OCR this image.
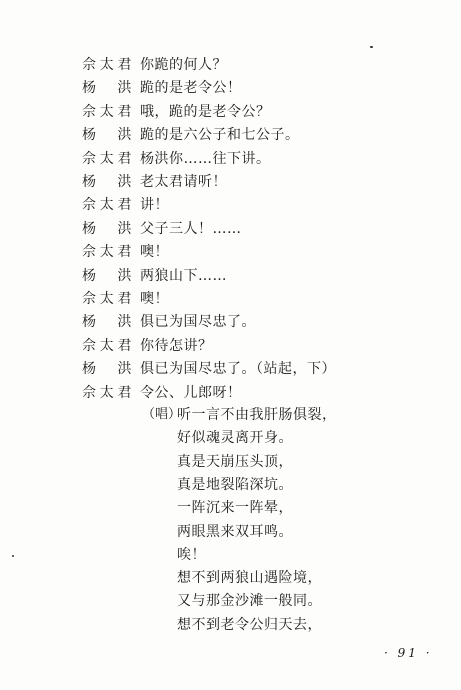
佘 太 君 你跪的何人？
杨 洪 跪的是老令公！
佘 太 君 哦，跪的是老令公？
杨 洪 跪的是六公子和七公子。
佘 太 君 杨洪你……往下讲。
杨 洪 老太君请听！
佘 太 君 讲！
杨 洪 父子三人！……
佘 太 君 噢！
杨 洪 两狼山下……
佘 太 君 噢！
杨 洪 俱已为国尽忠了。
佘 太 君 你待怎讲？
杨 洪 俱已为国尽忠了。（站起，下）
佘 太 君 令公、儿郎呀！
（唱）
听一言不由我肝肠俱裂，
好似魂灵离开身。
真是天崩压头顶，
真是地裂陷深坑。
一阵沉来一阵晕，
两眼黑来双耳鸣。
唉！
想不到两狼山遇险境，
又与那金沙滩一般同。
想不到老令公归天去，
· 91 ·
